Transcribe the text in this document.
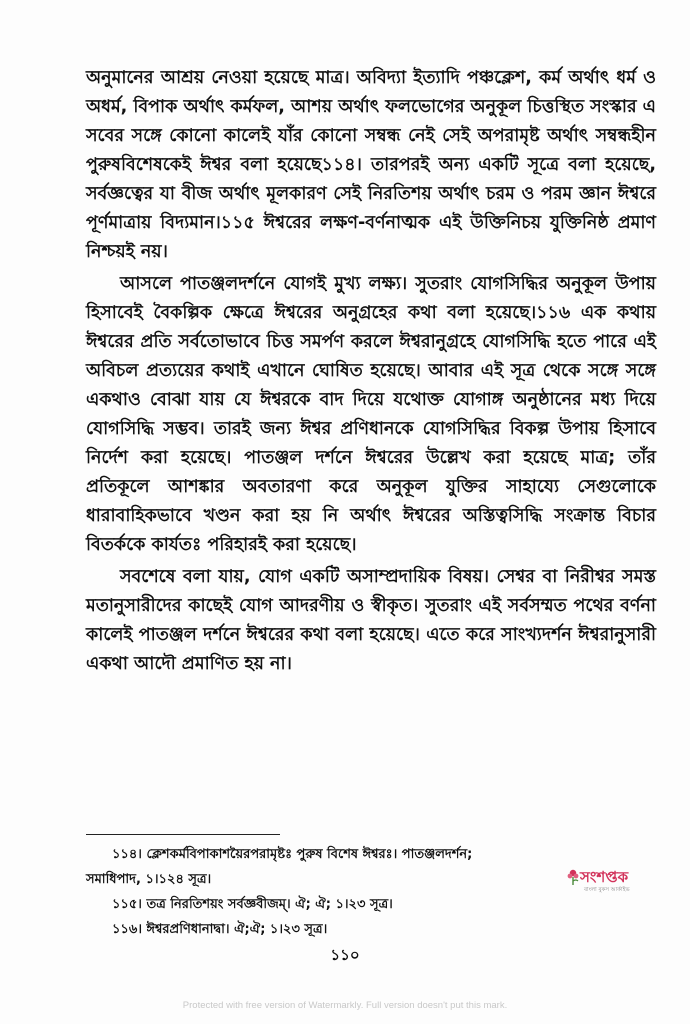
অনুমানের আশ্রয় নেওয়া হয়েছে মাত্র। অবিদ্যা ইত্যাদি পঞ্চক্লেশ, কর্ম অর্থাৎ ধর্ম ও অধর্ম, বিপাক অর্থাৎ কর্মফল, আশয় অর্থাৎ ফলভোগের অনুকূল চিত্তস্থিত সংস্কার এ সবের সঙ্গে কোনো কালেই যাঁর কোনো সম্বন্ধ নেই সেই অপরামৃষ্ট অর্থাৎ সম্বন্ধহীন পুরুষবিশেষকেই ঈশ্বর বলা হয়েছে১১৪। তারপরই অন্য একটি সূত্রে বলা হয়েছে, সর্বজ্ঞত্বের যা বীজ অর্থাৎ মূলকারণ সেই নিরতিশয় অর্থাৎ চরম ও পরম জ্ঞান ঈশ্বরে পূর্ণমাত্রায় বিদ্যমান।১১৫ ঈশ্বরের লক্ষণ-বর্ণনাত্মক এই উক্তিনিচয় যুক্তিনিষ্ঠ প্রমাণ নিশ্চয়ই নয়।

আসলে পাতঞ্জলদর্শনে যোগই মুখ্য লক্ষ্য। সুতরাং যোগসিদ্ধির অনুকূল উপায় হিসাবেই বৈকল্পিক ক্ষেত্রে ঈশ্বরের অনুগ্রহের কথা বলা হয়েছে।১১৬ এক কথায় ঈশ্বরের প্রতি সর্বতোভাবে চিত্ত সমর্পণ করলে ঈশ্বরানুগ্রহে যোগসিদ্ধি হতে পারে এই অবিচল প্রত্যয়ের কথাই এখানে ঘোষিত হয়েছে। আবার এই সূত্র থেকে সঙ্গে সঙ্গে একথাও বোঝা যায় যে ঈশ্বরকে বাদ দিয়ে যথোক্ত যোগাঙ্গ অনুষ্ঠানের মধ্য দিয়ে যোগসিদ্ধি সম্ভব। তারই জন্য ঈশ্বর প্রণিধানকে যোগসিদ্ধির বিকল্প উপায় হিসাবে নির্দেশ করা হয়েছে। পাতঞ্জল দর্শনে ঈশ্বরের উল্লেখ করা হয়েছে মাত্র; তাঁর প্রতিকূলে আশঙ্কার অবতারণা করে অনুকূল যুক্তির সাহায্যে সেগুলোকে ধারাবাহিকভাবে খণ্ডন করা হয় নি অর্থাৎ ঈশ্বরের অস্তিত্বসিদ্ধি সংক্রান্ত বিচার বিতর্ককে কার্যতঃ পরিহারই করা হয়েছে।

সবশেষে বলা যায়, যোগ একটি অসাম্প্রদায়িক বিষয়। সেশ্বর বা নিরীশ্বর সমস্ত মতানুসারীদের কাছেই যোগ আদরণীয় ও স্বীকৃত। সুতরাং এই সর্বসম্মত পথের বর্ণনা কালেই পাতঞ্জল দর্শনে ঈশ্বরের কথা বলা হয়েছে। এতে করে সাংখ্যদর্শন ঈশ্বরানুসারী একথা আদৌ প্রমাণিত হয় না।

১১৪। ক্লেশকর্মবিপাকাশয়ৈরপরামৃষ্টঃ পুরুষ বিশেষ ঈশ্বরঃ। পাতঞ্জলদর্শন;

সমাধিপাদ, ১।১২৪ সূত্র।

১১৫। তত্র নিরতিশয়ং সর্বজ্ঞবীজম্। ঐ; ঐ; ১।২৩ সূত্র।

১১৬। ঈশ্বরপ্রণিধানাদ্বা। ঐ;ঐ; ১।২৩ সূত্র।

সংশপ্তক
বাংলা বুকস আর্কাইভ
১১০
Protected with free version of Watermarkly. Full version doesn't put this mark.
